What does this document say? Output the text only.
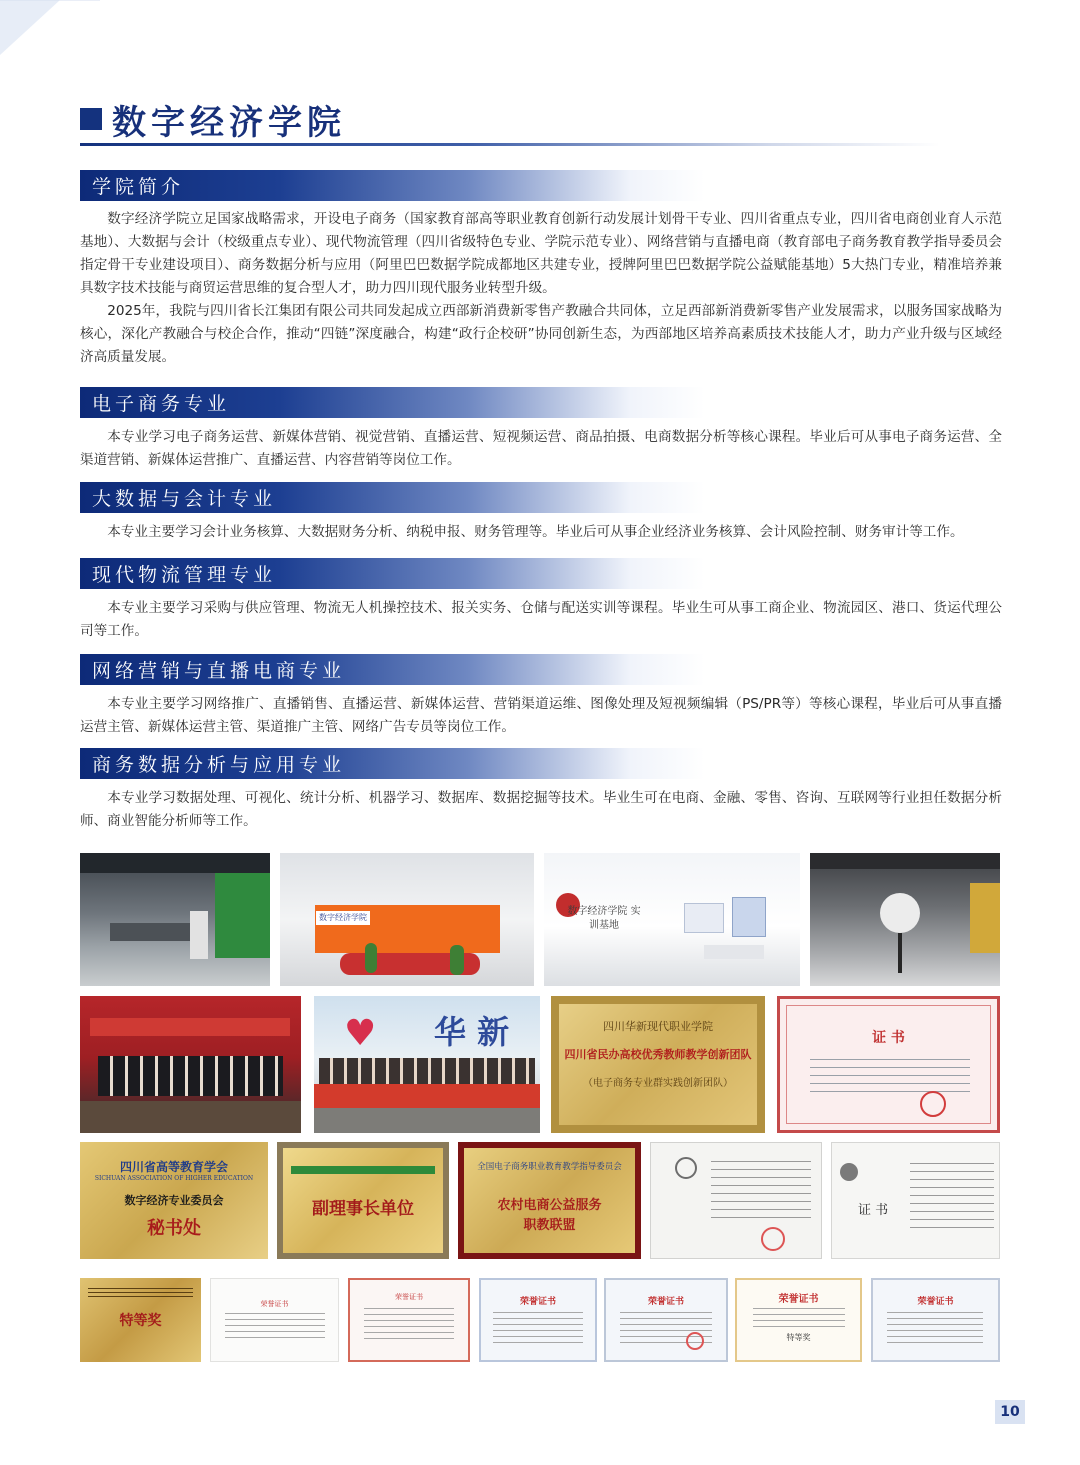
数字经济学院
学院简介

数字经济学院立足国家战略需求，开设电子商务（国家教育部高等职业教育创新行动发展计划骨干专业、四川省重点专业，四川省电商创业育人示范基地）、大数据与会计（校级重点专业）、现代物流管理（四川省级特色专业、学院示范专业）、网络营销与直播电商（教育部电子商务教育教学指导委员会指定骨干专业建设项目）、商务数据分析与应用（阿里巴巴数据学院成都地区共建专业，授牌阿里巴巴数据学院公益赋能基地）5大热门专业，精准培养兼具数字技术技能与商贸运营思维的复合型人才，助力四川现代服务业转型升级。

2025年，我院与四川省长江集团有限公司共同发起成立西部新消费新零售产教融合共同体，立足西部新消费新零售产业发展需求，以服务国家战略为核心，深化产教融合与校企合作，推动“四链”深度融合，构建“政行企校研”协同创新生态，为西部地区培养高素质技术技能人才，助力产业升级与区域经济高质量发展。

电子商务专业

本专业学习电子商务运营、新媒体营销、视觉营销、直播运营、短视频运营、商品拍摄、电商数据分析等核心课程。毕业后可从事电子商务运营、全渠道营销、新媒体运营推广、直播运营、内容营销等岗位工作。

大数据与会计专业

本专业主要学习会计业务核算、大数据财务分析、纳税申报、财务管理等。毕业后可从事企业经济业务核算、会计风险控制、财务审计等工作。

现代物流管理专业

本专业主要学习采购与供应管理、物流无人机操控技术、报关实务、仓储与配送实训等课程。毕业生可从事工商企业、物流园区、港口、货运代理公司等工作。

网络营销与直播电商专业

本专业主要学习网络推广、直播销售、直播运营、新媒体运营、营销渠道运维、图像处理及短视频编辑（PS/PR等）等核心课程，毕业后可从事直播运营主管、新媒体运营主管、渠道推广主管、网络广告专员等岗位工作。

商务数据分析与应用专业

本专业学习数据处理、可视化、统计分析、机器学习、数据库、数据挖掘等技术。毕业生可在电商、金融、零售、咨询、互联网等行业担任数据分析师、商业智能分析师等工作。

数字经济学院
数字经济学院 实训基地
♥ 华 新	四川华新现代职业学院
四川省民办高校优秀教师教学创新团队
（电子商务专业群实践创新团队）
证 书
四川省高等教育学会
SICHUAN ASSOCIATION OF HIGHER EDUCATION
数字经济专业委员会
秘书处
副理事长单位
全国电子商务职业教育教学指导委员会
农村电商公益服务
职教联盟
证 书
特等奖
荣誉证书
荣誉证书	荣誉证书	荣誉证书	荣誉证书
特等奖
荣誉证书
10
